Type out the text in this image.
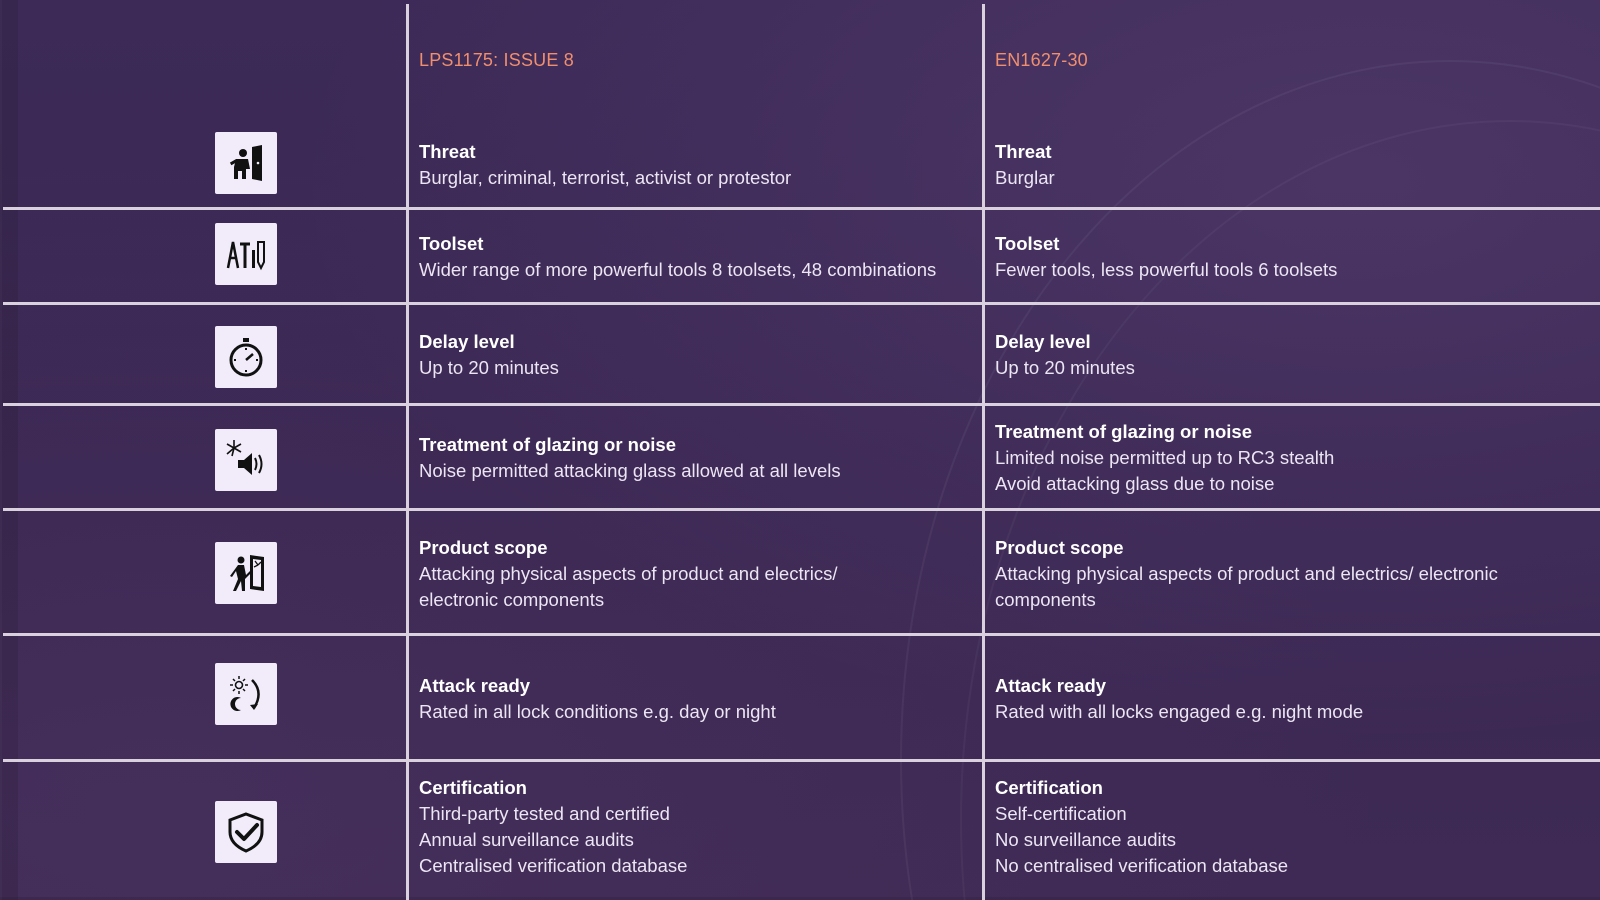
LPS1175: ISSUE 8	EN1627-30
Threat
Burglar, criminal, terrorist, activist or protestor
Threat
Burglar
Toolset
Wider range of more powerful tools 8 toolsets, 48 combinations
Toolset
Fewer tools, less powerful tools 6 toolsets
Delay level
Up to 20 minutes
Delay level
Up to 20 minutes
Treatment of glazing or noise
Noise permitted attacking glass allowed at all levels
Treatment of glazing or noise
Limited noise permitted up to RC3 stealth
Avoid attacking glass due to noise
Product scope
Attacking physical aspects of product and electrics/
electronic components
Product scope
Attacking physical aspects of product and electrics/ electronic
components
Attack ready
Rated in all lock conditions e.g. day or night
Attack ready
Rated with all locks engaged e.g. night mode
Certification
Third-party tested and certified
Annual surveillance audits
Centralised verification database
Certification
Self-certification
No surveillance audits
No centralised verification database
